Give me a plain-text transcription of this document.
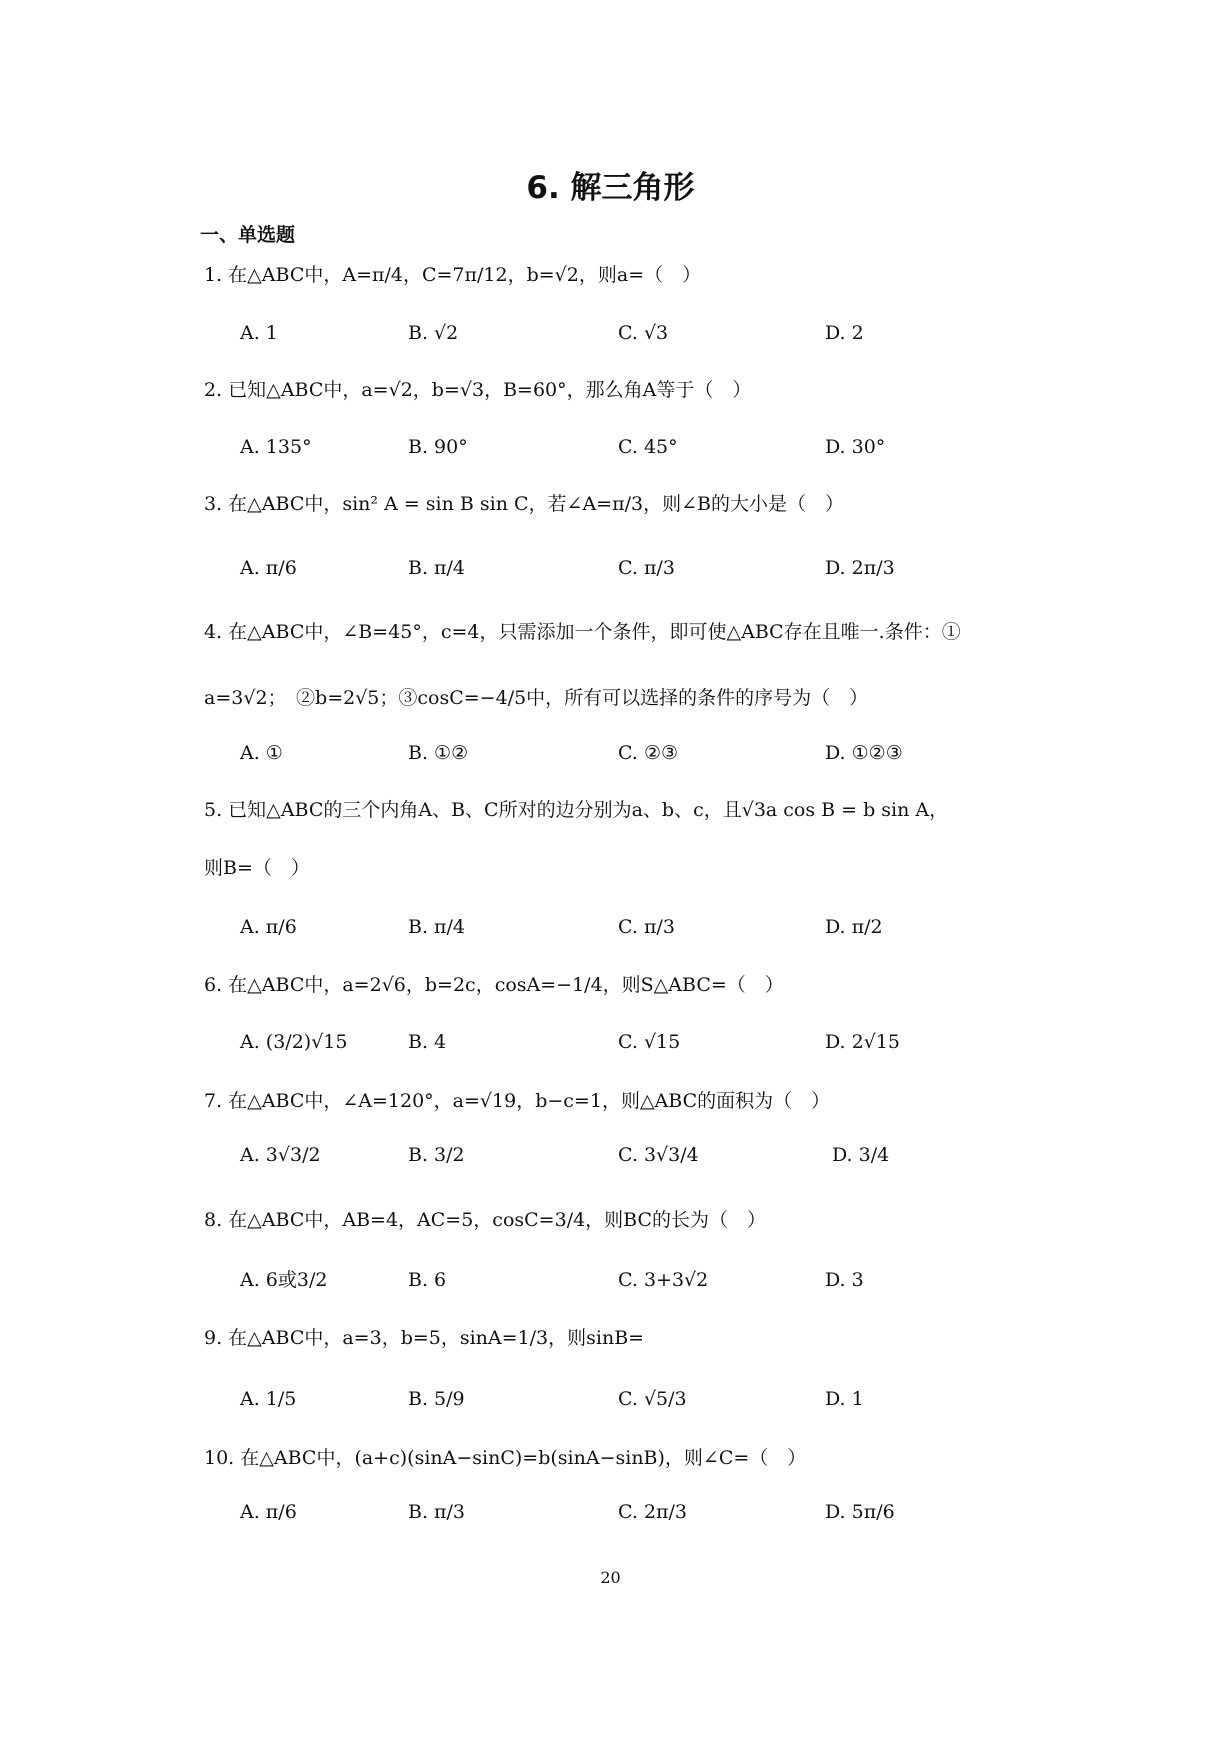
6. 解三角形
一、单选题
1. 在△ABC中，A=π/4，C=7π/12，b=√2，则a=（　）
A. 1	B. √2	C. √3	D. 2
2. 已知△ABC中，a=√2，b=√3，B=60°，那么角A等于（　）
A. 135°	B. 90°	C. 45°	D. 30°
3. 在△ABC中，sin² A = sin B sin C，若∠A=π/3，则∠B的大小是（　）
A. π/6	B. π/4	C. π/3	D. 2π/3
4. 在△ABC中，∠B=45°，c=4，只需添加一个条件，即可使△ABC存在且唯一.条件：①
a=3√2；　②b=2√5；③cosC=−4/5中，所有可以选择的条件的序号为（　）
A. ①	B. ①②	C. ②③	D. ①②③
5. 已知△ABC的三个内角A、B、C所对的边分别为a、b、c，且√3a cos B = b sin A，
则B=（　）
A. π/6	B. π/4	C. π/3	D. π/2
6. 在△ABC中，a=2√6，b=2c，cosA=−1/4，则S△ABC=（　）
A. (3/2)√15	B. 4	C. √15	D. 2√15
7. 在△ABC中，∠A=120°，a=√19，b−c=1，则△ABC的面积为（　）
A. 3√3/2	B. 3/2	C. 3√3/4	D. 3/4
8. 在△ABC中，AB=4，AC=5，cosC=3/4，则BC的长为（　）
A. 6或3/2	B. 6	C. 3+3√2	D. 3
9. 在△ABC中，a=3，b=5，sinA=1/3，则sinB=
A. 1/5	B. 5/9	C. √5/3	D. 1
10. 在△ABC中，(a+c)(sinA−sinC)=b(sinA−sinB)，则∠C=（　）
A. π/6	B. π/3	C. 2π/3	D. 5π/6
20
